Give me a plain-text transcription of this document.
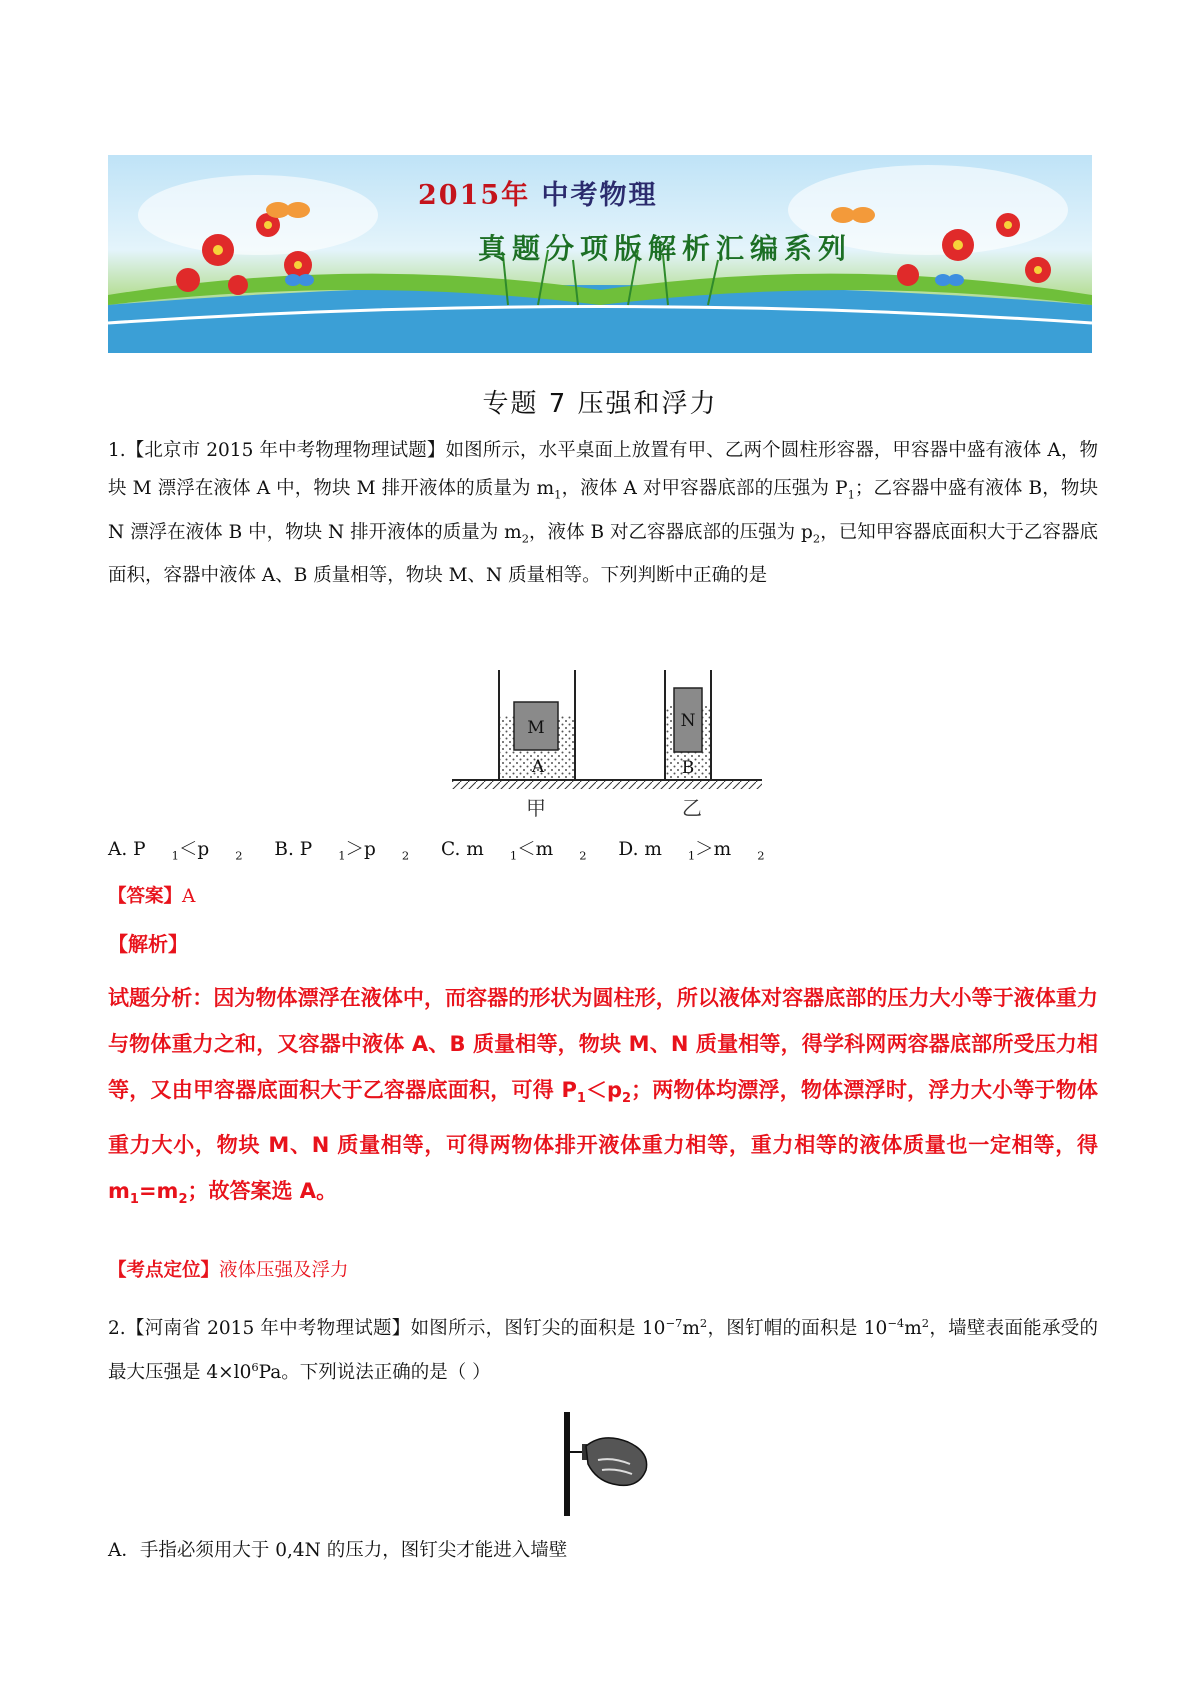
2015年 中考物理
真题分项版解析汇编系列
专题 7 压强和浮力

1.【北京市 2015 年中考物理物理试题】如图所示，水平桌面上放置有甲、乙两个圆柱形容器，甲容器中盛有液体 A，物块 M 漂浮在液体 A 中，物块 M 排开液体的质量为 $m_1$，液体 A 对甲容器底部的压强为 $P_1$；乙容器中盛有液体 B，物块 N 漂浮在液体 B 中，物块 N 排开液体的质量为 $m_2$，液体 B 对乙容器底部的压强为 $p_2$，已知甲容器底面积大于乙容器底面积，容器中液体 A、B 质量相等，物块 M、N 质量相等。下列判断中正确的是

M
A
N
B
甲	乙
A. P $_1$＜p $_2$ B. P $_1$＞p $_2$ C. m $_1$＜m $_2$ D. m $_1$＞m $_2$

【答案】A

【解析】

试题分析：因为物体漂浮在液体中，而容器的形状为圆柱形，所以液体对容器底部的压力大小等于液体重力与物体重力之和，又容器中液体 A、B 质量相等，物块 M、N 质量相等，得学科网两容器底部所受压力相等，又由甲容器底面积大于乙容器底面积，可得 $P_1<p_2$；两物体均漂浮，物体漂浮时，浮力大小等于物体重力大小，物块 M、N 质量相等，可得两物体排开液体重力相等，重力相等的液体质量也一定相等，得 $m_1=m_2$；故答案选 A。

【考点定位】液体压强及浮力

2.【河南省 2015 年中考物理试题】如图所示，图钉尖的面积是 $10^{-7}m^2$，图钉帽的面积是 $10^{-4}m^2$，墙壁表面能承受的最大压强是 $4\times l0^6Pa$。下列说法正确的是（ ）

A．手指必须用大于 0,4N 的压力，图钉尖才能进入墙壁
